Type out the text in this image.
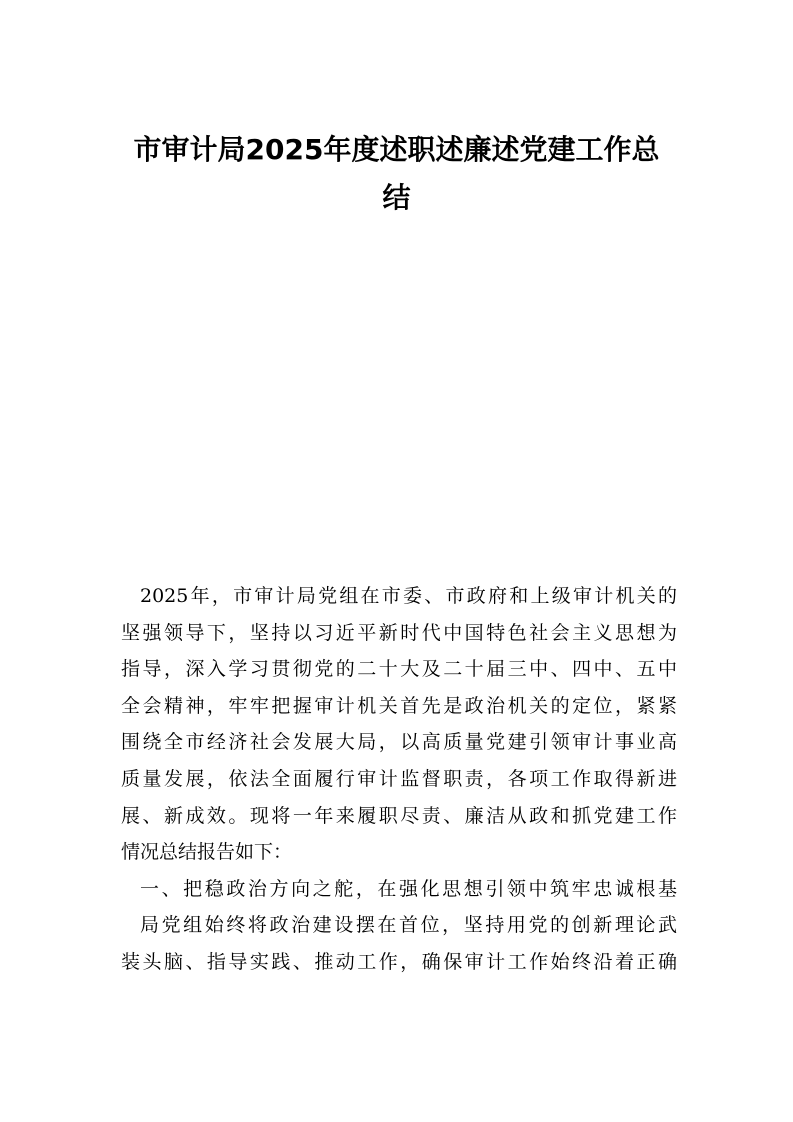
市审计局2025年度述职述廉述党建工作总
结
2025年，市审计局党组在市委、市政府和上级审计机关的
坚强领导下，坚持以习近平新时代中国特色社会主义思想为
指导，深入学习贯彻党的二十大及二十届三中、四中、五中
全会精神，牢牢把握审计机关首先是政治机关的定位，紧紧
围绕全市经济社会发展大局，以高质量党建引领审计事业高
质量发展，依法全面履行审计监督职责，各项工作取得新进
展、新成效。现将一年来履职尽责、廉洁从政和抓党建工作
情况总结报告如下：
一、把稳政治方向之舵，在强化思想引领中筑牢忠诚根基
局党组始终将政治建设摆在首位，坚持用党的创新理论武
装头脑、指导实践、推动工作，确保审计工作始终沿着正确
